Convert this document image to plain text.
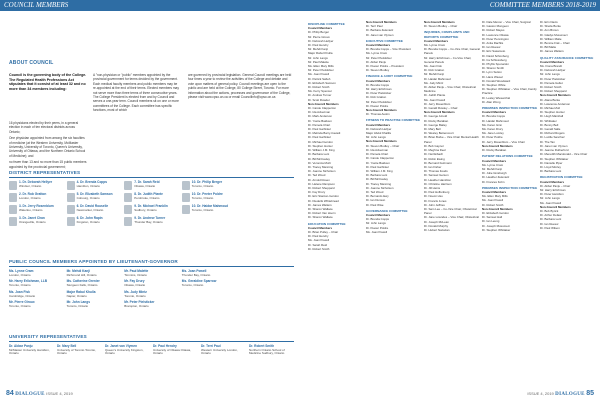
COUNCIL MEMBERS
ABOUT COUNCIL
Council is the governing body of the College. The Regulated Health Professions Act stipulates that it consist of at least 32 and no more than 34 members including:
16 physicians elected by their peers, in a general election in each of ten electoral districts across Ontario;
One physician appointed from among the six faculties of medicine (at the Western University, McMaster University, University of Toronto, Queen's University, University of Ottawa, and the Northern Ontario School of Medicine); and
no fewer than 13 and no more than 15 public members appointed by the provincial government;
A "non-physician or "public" members appointed by the provincial government for terms decided by the government. Each medical faculty members and public members may be re-appointed at the end of their terms. Elected members may not serve more than three terms of three consecutive years. The College President is elected from and by Council and serves a one-year term. Council members sit on one or more committees of the College. Each committee has specific functions, most of which
are governed by provincial legislation. General Council meetings are held four times a year to review the activities of the College and debate and vote upon matters of general policy. Council meetings are open to the public and are held at the College, 80 College Street, Toronto. For more information about the actions, processes and governance of the College, please visit www.cpso.on.ca or email CouncilInfo@cpso.on.ca
DISTRICT REPRESENTATIVES
1. Dr. Deborah Hellyer
Windsor, Ontario
4. Dr. Brenda Copps
Hamilton, Ontario
7. Dr. Sarah Reid
Ottawa, Ontario
10. Dr. Philip Berger
Toronto, Ontario
2. Dr. Rob Gratton
London, Ontario
5. Dr. Elizabeth Samson
Cobourg, Ontario
8. Dr. Judith Plante
Pembroke, Ontario
10. Dr. Peeter Poldre
Toronto, Ontario
3. Dr. Jerry Rosenblum
Waterloo, Ontario
6. Dr. David Rouselle
Newmarket, Ontario
9. Dr. Michael Franklin
Sudbury, Ontario
10. Dr. Haidar Mahmoud
Toronto, Ontario
3. Dr. Janet Chan
Orangeville, Ontario
6. Dr. John Rapin
Kingston, Ontario
9. Dr. Andrew Turner
Thunder Bay, Ontario
PUBLIC COUNCIL MEMBERS APPOINTED BY LIEUTENANT-GOVERNOR
Ms. Lynne Cram
London, Ontario
Mr. Mehdi Kanji
Richmond Hill, Ontario
Mr. Paul Malette
Timmins, Ontario
Ms. Joan Powell
Thunder Bay, Ontario
Mr. Harry Erlichman, LLB
Toronto, Ontario
Ms. Catherine Grenier
Sturgeon Falls, Ontario
Mr. Fay Drury
Ottawa, Ontario
Ms. Geraldine Sparrow
Toronto, Ontario
Ms. Joan Fisk
Cambridge, Ontario
Major Rabul Khulla
Napier, Ontario
Ms. Judy Mintz
Toronto, Ontario
Mr. Pierre Giroux
Toronto, Ontario
Mr. John Langs
Toronto, Ontario
Mr. Peter Pielsticker
Brampton, Ontario
UNIVERSITY REPRESENTATIVES
Dr. Akbar Panju
McMaster University Hamilton, Ontario
Dr. Mary Bell
University of Toronto Toronto, Ontario
Dr. Janet van Vlymen
Queen's University Kingston, Ontario
Dr. Paul Hendry
University of Ottawa Ottawa, Ontario
Dr. Terri Paul
Western University London, Ontario
Dr. Robert Smith
Northern Ontario School of Medicine Sudbury, Ontario
84 DIALOGUE ISSUE 4, 2019
COMMITTEE MEMBERS 2018-2019
DISCIPLINE COMMITTEE
Council Members
Dr. Philip Berger
Mr. Pierre Giroux
Dr. Deborah Hellyer
Dr. Paul Hendry
Mr. Mehdi Kanji
Major Rabul Khulla
Mr. John Langs
Mr. Paul Malette
Ms. Ellen Mary Mills
Mr. Peter Pielsticker
Ms. Joan Powell
Dr. Patrick Safieh
Dr. Elizabeth Samson
Dr. Robert Smith
Ms. Kerry Spencer
Dr. Andrew Turner
Dr. Scott Rowder
Non-Council Members
Dr. Carole Clapperton
Dr. Ida Ackerman
Dr. Mark Anderson
Dr. Yvette Baidoun
Dr. Pamela Chart
Dr. Paul Garfinkel
Dr. Melinda Barry-Cavadi
Dr. Paul Garfinkel
Dr. Michael Gordon
Dr. Stephen Hunter
Dr. William J.M. King
Dr. Barbara Lent
Dr. Bill McCauley
Dr. Veronica Mohr
Dr. Tracey Manning
Dr. Joanne Nicholson
Dr. Ted Wood
Dr. Arnold Rosen
Dr. Helene Rampson
Dr. Robert Sheppard
Dr. Fay Drury
Dr. Eric Stanton-Gordon
Dr. Diederik Whitebread
Dr. James Watters
Dr. Sharon Wallace
Dr. Robert Van Hoorn
Dr. Sharon Wallace
EDUCATION COMMITTEE
Council Members
Dr. Brian Pulley – Chair
Dr. Paul Hendry
Ms. Joan Powell
Dr. Sarah Reid
Dr. Robert Smith
Non-Council Members
Dr. Terri Paul
Dr. Barbara Zelenietz
Dr. Janet van Vlymen
EXECUTIVE COMMITTEE
Council Members
Dr. Brenda Copps – Vice President
Ms. Lynne Cram
Mr. Peter Pielsticker
Dr. Akbar Panju
Dr. Peeter Poldre – President
Dr. Steven Bodley
FINANCE & AUDIT COMMITTEE
Council Members
Dr. Brenda Copps
Mr. Harry Erlichman
Dr. Peter Pielsticker
Dr. Rob Gratton
Mr. Peter Pielsticker
Dr. Peeter Poldre
Non-Council Members
Dr. Thomas Austin
FITNESS TO PRACTISE COMMITTEE
Council Members
Dr. Deborah Hellyer
Major Abdul Khalifa
Mr. John Langs
Non-Council Members
Dr. Steven Bodley – Chair
Dr. Ida Ackerman
Dr. Pamela Chart
Dr. Carole Clapperton
Dr. Yvette Baidoun
Dr. Paul Garfinkel
Dr. William J.M. King
Dr. Barbara Lent
Dr. Bill McCauley
Dr. Tracey Manning
Dr. Joanne Nicholson
Dr. Ted Wood
Dr. Bernardo Ewy
Dr. Ian Dunson
Dr. Paul Wise
GOVERNANCE COMMITTEE
Council Members
Dr. Brenda Copps
Mr. John Langs
Dr. Peeter Poldre
Ms. Joan Powell
Non-Council Members
Dr. Steven Bodley – Chair
INQUIRIES, COMPLAINTS AND REPORTS COMMITTEE
Council Members
Ms. Lynne Cram
Dr. Brenda Copps – Co-Vice Chair, General Panels
Mr. Harry Erlichman – Co-Vice Chair, General Panels
Ms. Joan Fisk
Dr. Rob Gratton
Mr. Mehdi Kanji
Dr. Haidar Mahmoud
Ms. Judy Mintz
Dr. Akbar Panju – Vice Chair, Obstetrical Medicine
Dr. Judith Plante
Ms. Joan Powell
Dr. Jerry Rosenblum
Dr. Gerald Rowley – Chair
Non-Council Members
Dr. George Arnold
Dr. Rocky Baraban
Dr. George Bailey
Dr. Mary Bell
Dr. Wesley Bettencourt
Dr. Brian Burke – Vice Chair Mental Health Panel
Dr. Bob Gaynor
Dr. Meghna Deol
Dr. Neil Eibach
Dr. Robin Ewing
Dr. Bernard Feirmann
Dr. Ian Fisher
Dr. Thomas Fouds
Dr. Samuel Gerson
Dr. Heather Hamilton
Dr. Christine Harrison
Dr. Jill Heins
Dr. Paul Hoffenberg
Dr. Noemi Hsu
Dr. Francis Jones
Dr. John Jeffries
Dr. Sam Lee – Co-Vice Chair, Obstetrical Panel
Dr. Jane Lowndes – Vice Chair, Obstetrical
Dr. Joseph McLean
Dr. Donald Murphy
Dr. Hubert Nazarian
Dr. Dale Mercer – Vice Chair, Surgical
Dr. Gaston Mongeon
Dr. Robert Mayes
Dr. Laurence Ottawa
Dr. Peter Pennington
Dr. Anita Rachlis
Dr. Ian Reesor
Dr. Eric Sasamoto
Dr. David Schonberg
Dr. Ira Schlossberg
Dr. Phyllis Sponarski
Dr. Sharon Smith
Dr. Lynn Sutton
Dr. Hans Wiesel
Dr. Donald Woodward
Dr. Stephen White
Dr. Stephen Whittaker – Vice Chair, Family Practice
Dr. Lesley Wiesenthal
Dr. Alan Wong
PREMISES INSPECTION COMMITTEE
Council Members
Dr. Brenda Copps
Dr. Haidar Mahmoud
Ms. Karen Ginn
Ms. Karen Drury
Ms. Jane Lumley
Dr. Peter Poldre
Dr. Jerry Rosenblum – Vice Chair
Non-Council Members
Dr. Rocky Baraban
PATIENT RELATIONS COMMITTEE
Council Members
Ms. Lynne Cram
Mr. Mehdi Kanji
Dr. Julie Ginsburgh
Dr. Heather Zelenietz
Dr. Frances Kohn
PREMISES INSPECTION COMMITTEE
Council Members
Ms. Ellen Mary Mills
Ms. Joan Powell
Dr. Robert Smith
Non-Council Members
Dr. Elizabeth Gordon
Dr. Samuel Hall
Dr. Ian Leung
Dr. Joseph Musumeci
Dr. Stephen Whittaker
Dr. Erin Davis
Dr. Sheila Burke
Dr. Ann Brown
Dr. Gladys Musumeci
Dr. William Malie
Dr. Bonnie Fisk – Chair
Dr. Bill Malie
Dr. James Watters
QUALITY ASSURANCE COMMITTEE
Council Members
Ms. Fiona Brandt
Dr. Deborah Hellyer
Mr. John Langs
Dr. Peter Pielsticker
Dr. Pamela Gullet
Dr. Robert Smith
Dr. Robert Sheppard
Non-Council Members
Dr. Alana Burke
Dr. Lawrence Anderson
Dr. Michael Zoll
Dr. Stephen Hunter
Dr. Hugh Marshall
Dr. Whittaker
Dr. Bonny Bell
Dr. Gerald Salle
Dr. Richard Rogers
Dr. Lucille Sanchez
Dr. The Tan
Dr. Janet van Vlymen
Dr. Jeanne Rutherford
Dr. Meredith Macdonald – Vice Chair
Dr. Stephen Whittaker
Dr. Danielle Piper
Dr. Lloyd Morley
Dr. Barbara Lent
REGISTRATION COMMITTEE
Council Members
Dr. Akbar Panju – Chair
Mr. Harry Erlichman
Dr. Peter Hamilton
Mr. John Langs
Ms. Joan Powell
Non-Council Members
Dr. Bob Byrick
Dr. Arthur Defaar
Dr. Barbara Lent
Dr. Ian Reesor
Dr. Paul Wilson
ISSUE 4, 2019 DIALOGUE 85
